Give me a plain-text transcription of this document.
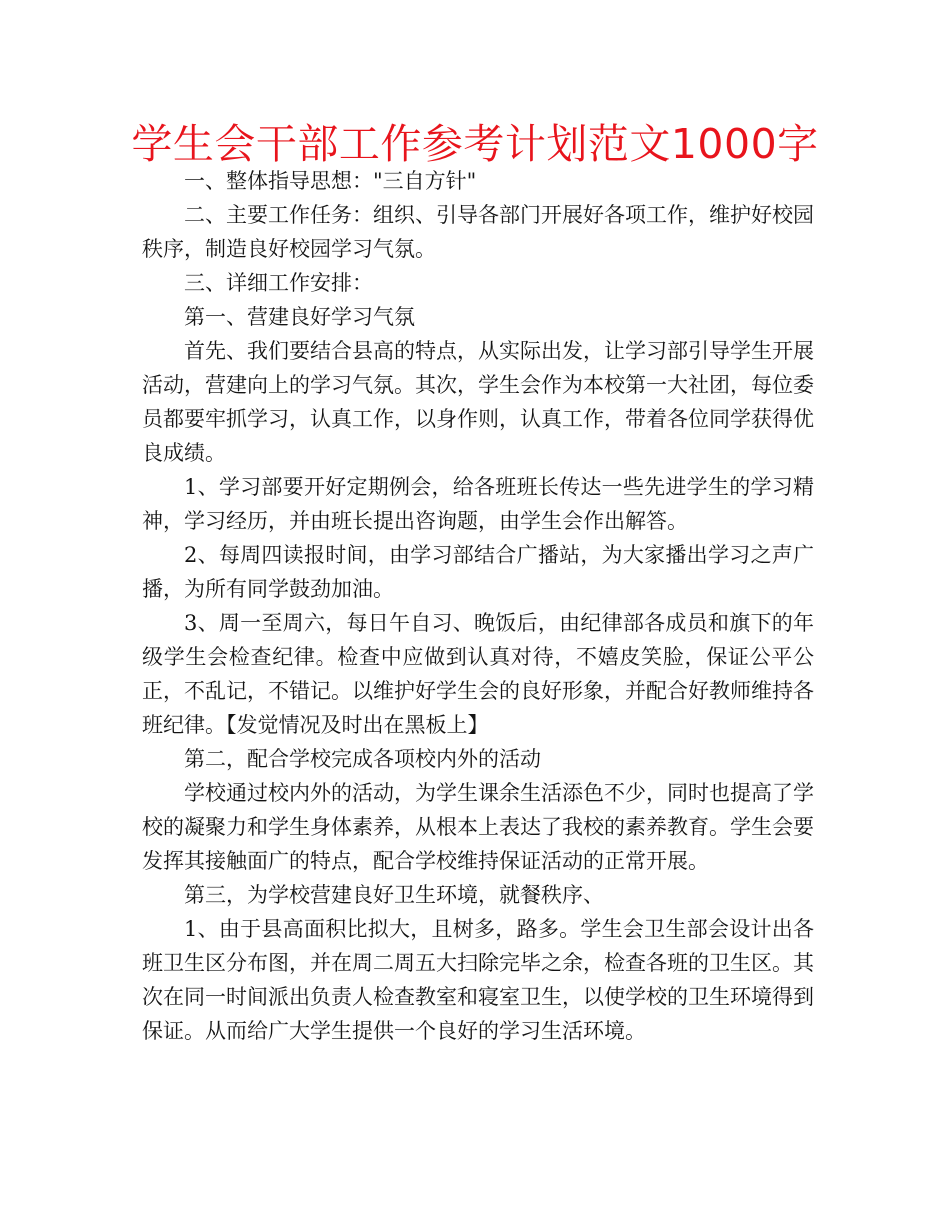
学生会干部工作参考计划范文1000字

一、整体指导思想："三自方针"

二、主要工作任务：组织、引导各部门开展好各项工作，维护好校园秩序，制造良好校园学习气氛。

三、详细工作安排：

第一、营建良好学习气氛

首先、我们要结合县高的特点，从实际出发，让学习部引导学生开展活动，营建向上的学习气氛。其次，学生会作为本校第一大社团，每位委员都要牢抓学习，认真工作，以身作则，认真工作，带着各位同学获得优良成绩。

1、学习部要开好定期例会，给各班班长传达一些先进学生的学习精神，学习经历，并由班长提出咨询题，由学生会作出解答。

2、每周四读报时间，由学习部结合广播站，为大家播出学习之声广播，为所有同学鼓劲加油。

3、周一至周六，每日午自习、晚饭后，由纪律部各成员和旗下的年级学生会检查纪律。检查中应做到认真对待，不嬉皮笑脸，保证公平公正，不乱记，不错记。以维护好学生会的良好形象，并配合好教师维持各班纪律。【发觉情况及时出在黑板上】

第二，配合学校完成各项校内外的活动

学校通过校内外的活动，为学生课余生活添色不少，同时也提高了学校的凝聚力和学生身体素养，从根本上表达了我校的素养教育。学生会要发挥其接触面广的特点，配合学校维持保证活动的正常开展。

第三，为学校营建良好卫生环境，就餐秩序、

1、由于县高面积比拟大，且树多，路多。学生会卫生部会设计出各班卫生区分布图，并在周二周五大扫除完毕之余，检查各班的卫生区。其次在同一时间派出负责人检查教室和寝室卫生，以使学校的卫生环境得到保证。从而给广大学生提供一个良好的学习生活环境。
